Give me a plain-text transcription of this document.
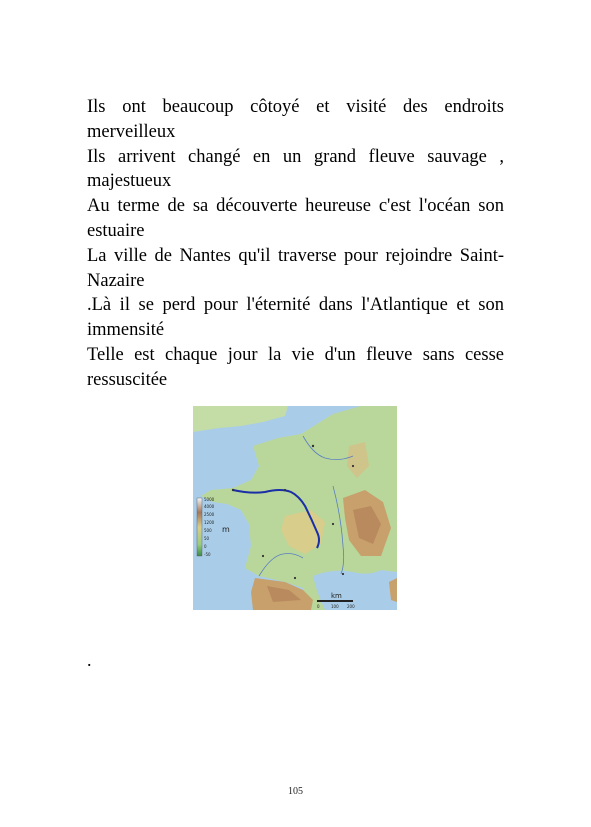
Ils ont beaucoup côtoyé et visité des endroits merveilleux

Ils arrivent changé en un grand fleuve sauvage , majestueux

Au terme de sa découverte heureuse c'est l'océan son estuaire

La ville de Nantes qu'il traverse pour rejoindre Saint-Nazaire

.Là il se perd pour l'éternité dans l'Atlantique et son immensité

Telle est chaque jour la vie d'un fleuve sans cesse ressuscitée

5000
4000
2500
1200
500
50
0
-50
m
km
0	100 200
.
105
